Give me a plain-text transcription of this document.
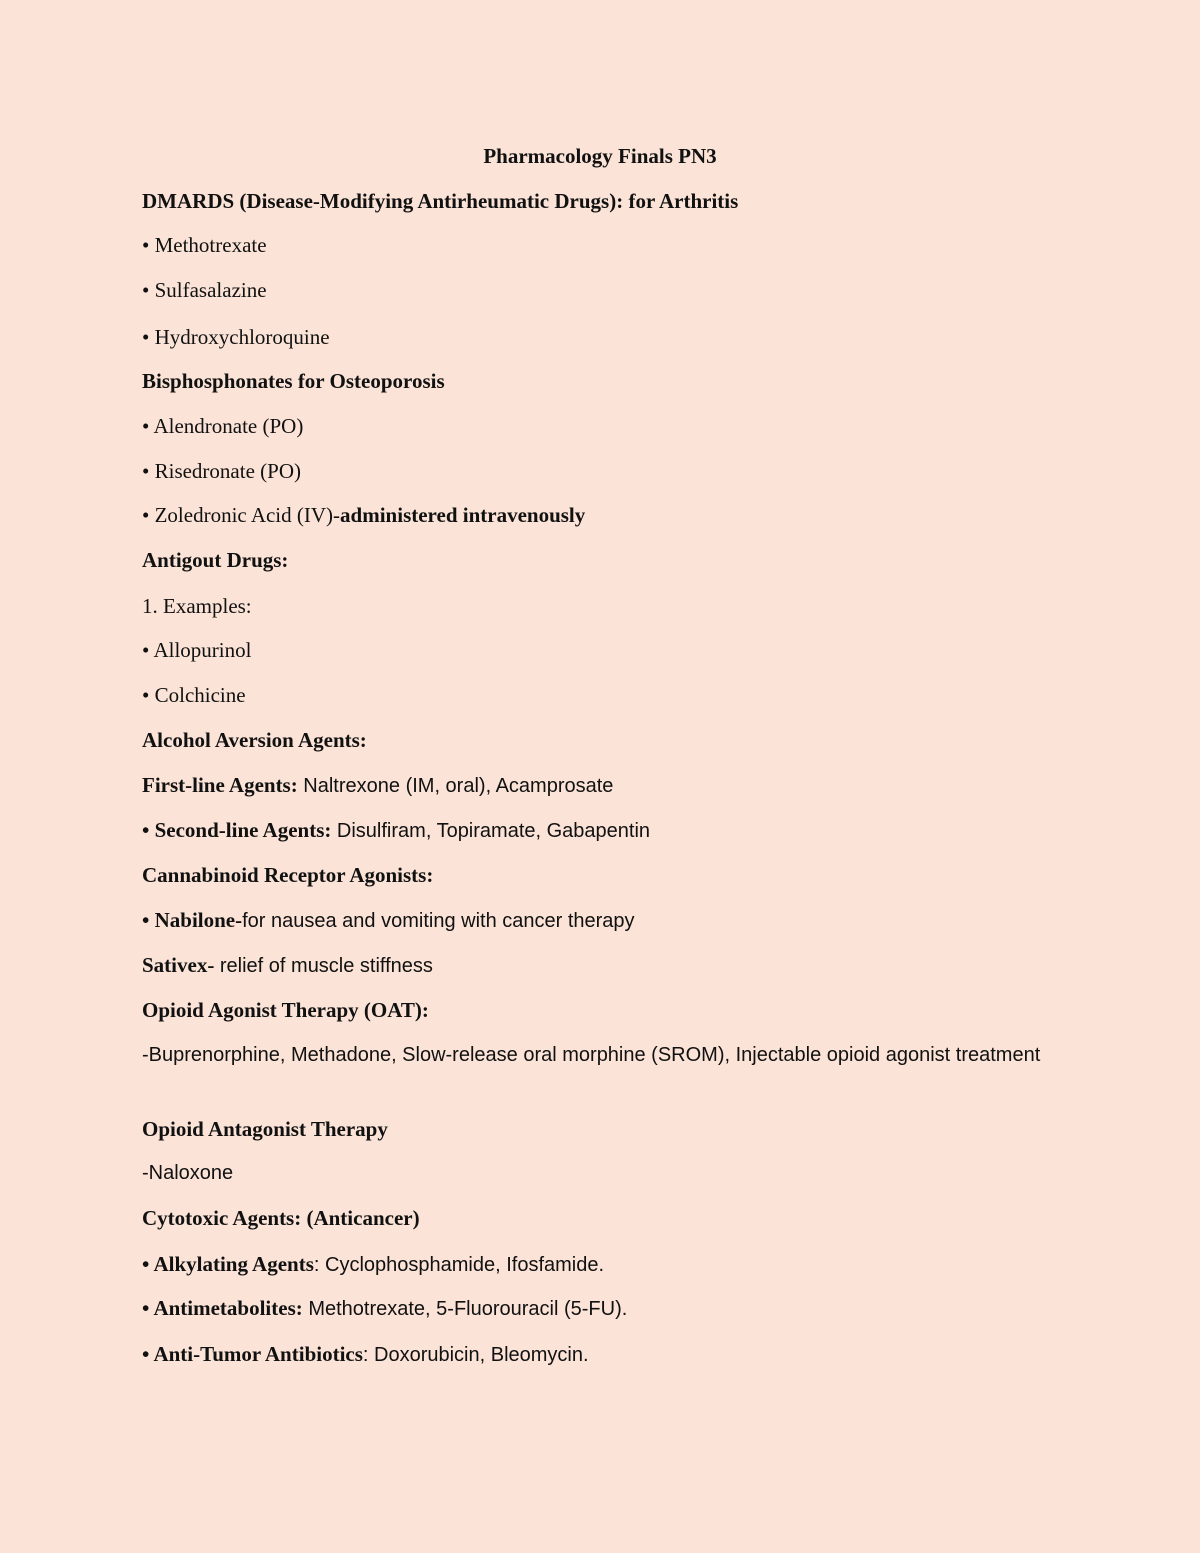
Pharmacology Finals PN3
DMARDS (Disease-Modifying Antirheumatic Drugs): for Arthritis
• Methotrexate
• Sulfasalazine
• Hydroxychloroquine
Bisphosphonates for Osteoporosis
• Alendronate (PO)
• Risedronate (PO)
• Zoledronic Acid (IV)-administered intravenously
Antigout Drugs:
1. Examples:
• Allopurinol
• Colchicine
Alcohol Aversion Agents:
First-line Agents: Naltrexone (IM, oral), Acamprosate
• Second-line Agents: Disulfiram, Topiramate, Gabapentin
Cannabinoid Receptor Agonists:
• Nabilone-for nausea and vomiting with cancer therapy
Sativex- relief of muscle stiffness
Opioid Agonist Therapy (OAT):
-Buprenorphine, Methadone, Slow-release oral morphine (SROM), Injectable opioid agonist treatment
Opioid Antagonist Therapy
-Naloxone
Cytotoxic Agents: (Anticancer)
• Alkylating Agents: Cyclophosphamide, Ifosfamide.
• Antimetabolites: Methotrexate, 5-Fluorouracil (5-FU).
• Anti-Tumor Antibiotics: Doxorubicin, Bleomycin.
